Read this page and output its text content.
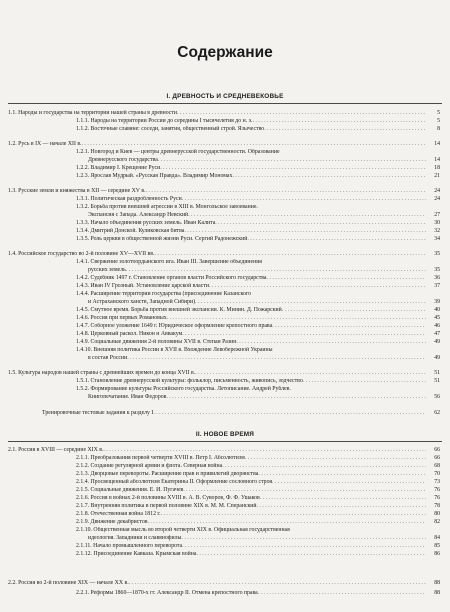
Содержание
I. ДРЕВНОСТЬ И СРЕДНЕВЕКОВЬЕ
1.1. Народы и государства на территории нашей страны в древности . . .	5
1.1.1. Народы на территории России до середины I тысячелетия до н. э. . . .	5
1.1.2. Восточные славяне: соседи, занятия, общественный строй. Язычество . . .	8
1.2. Русь в IX — начале XII в. . . .	14
1.2.1. Новгород и Киев — центры древнерусской государственности. Образование
Древнерусского государства . . .	14
1.2.2. Владимир I. Крещение Руси . . .	18
1.2.3. Ярослав Мудрый. «Русская Правда». Владимир Мономах . . .	21
1.3. Русские земли и княжества в XII — середине XV в. . . .	24
1.3.1. Политическая раздробленность Руси . . .	24
1.3.2. Борьба против внешней агрессии в XIII в. Монгольское завоевание.
Экспансия с Запада. Александр Невский . . .	27
1.3.3. Начало объединения русских земель. Иван Калита . . .	30
1.3.4. Дмитрий Донской. Куликовская битва . . .	32
1.3.5. Роль церкви в общественной жизни Руси. Сергий Радонежский . . .	34
1.4. Российское государство во 2-й половине XV—XVII вв. . . .	35
1.4.1. Свержение золотоордынского ига. Иван III. Завершение объединения
русских земель . . .	35
1.4.2. Судебник 1497 г. Становление органов власти Российского государства . . .	36
1.4.3. Иван IV Грозный. Установление царской власти . . .	37
1.4.4. Расширение территории государства (присоединение Казанского
и Астраханского ханств, Западной Сибири) . . .	39
1.4.5. Смутное время. Борьба против внешней экспансии. К. Минин. Д. Пожарский . . .	40
1.4.6. Россия при первых Романовых . . .	45
1.4.7. Соборное уложение 1649 г. Юридическое оформление крепостного права . . .	46
1.4.8. Церковный раскол. Никон и Аввакум . . .	47
1.4.9. Социальные движения 2-й половины XVII в. Степан Разин . . .	49
1.4.10. Внешняя политика России в XVII в. Вхождение Левобережной Украины
в состав России . . .	49
1.5. Культура народов нашей страны с древнейших времен до конца XVII в. . . .	51
1.5.1. Становление древнерусской культуры: фольклор, письменность, живопись, зодчество . . .	51
1.5.2. Формирование культуры Российского государства. Летописание. Андрей Рублев.
Книгопечатание. Иван Федоров . . .	56
Тренировочные тестовые задания к разделу I . . .	62
II. НОВОЕ ВРЕМЯ
2.1. Россия в XVIII — середине XIX в. . . .	66
2.1.1. Преобразования первой четверти XVIII в. Петр I. Абсолютизм . . .	66
2.1.2. Создание регулярной армии и флота. Северная война . . .	68
2.1.3. Дворцовые перевороты. Расширение прав и привилегий дворянства . . .	70
2.1.4. Просвещенный абсолютизм Екатерины II. Оформление сословного строя . . .	73
2.1.5. Социальные движения. Е. И. Пугачев . . .	76
2.1.6. Россия в войнах 2-й половины XVIII в. А. В. Суворов, Ф. Ф. Ушаков . . .	76
2.1.7. Внутренняя политика в первой половине XIX в. М. М. Сперанский . . .	78
2.1.8. Отечественная война 1812 г. . . .	80
2.1.9. Движение декабристов . . .	82
2.1.10. Общественная мысль во второй четверти XIX в. Официальная государственная
идеология. Западники и славянофилы . . .	84
2.1.11. Начало промышленного переворота . . .	85
2.1.12. Присоединение Кавказа. Крымская война . . .	86
2.2. Россия во 2-й половине XIX — начале XX в. . . .	88
2.2.1. Реформы 1860—1870-х гг. Александр II. Отмена крепостного права . . .	88
